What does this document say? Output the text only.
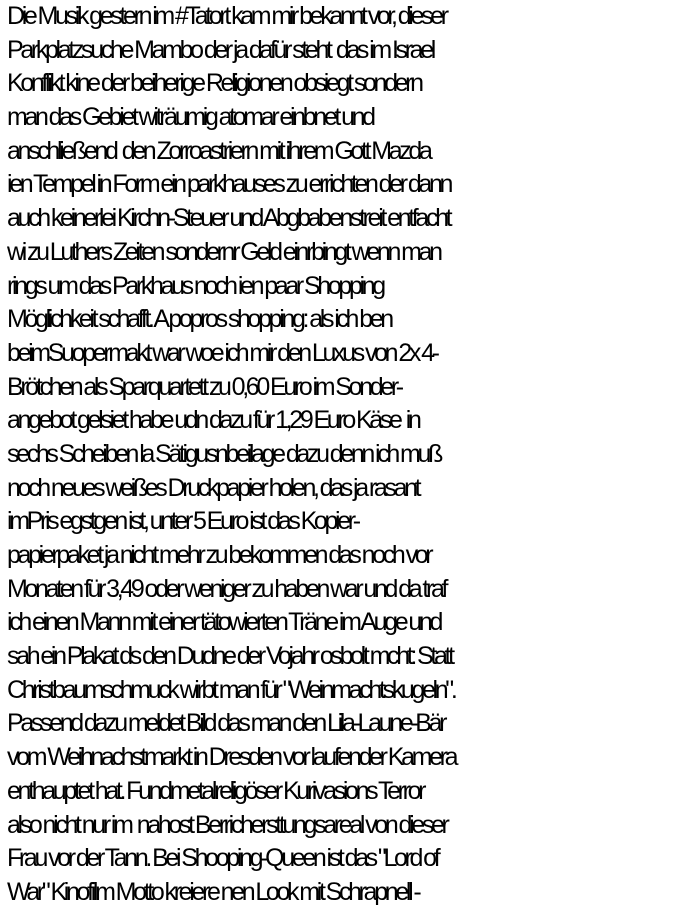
Die Musik gestern im #Tatort kam mir bekannt vor, dieser
Parkplatzsuche Mambo der ja dafür steht  das im Israel
Konflikt kine der beiherige Religionen obsiegt sondern
man das Gebiet witräumig atomar einbnet und
anschließend  den Zorroastriern mit ihrem Gott Mazda
ien Tempel in Form ein parkhauses zu errichten der dann
auch keinerlei Kirchn-Steuer und Abgbabenstreit entfacht
wi zu Luthers Zeiten sondernr Geld einrbingt wenn man
rings um das Parkhaus noch ien paar Shopping
Möglichkeit schafft. A popros shopping: als ich ben
beimSuopermakt war woe ich mir den Luxus von 2x 4-
Brötchen als Sparquartett zu 0,60 Euro im Sonder-
angebot gelsiet habe udn dazu für 1,29 Euro Käse  in
sechs Scheiben la Sätigusnbeilage dazu denn ich muß
noch neues weißes Druckpapier holen, das ja rasant
imPris egstgen ist, unter 5 Euro ist das Kopier-
papierpaket ja nicht mehr zu bekommen das noch vor
Monaten für 3,49 oder weniger zu haben war und da traf
ich einen Mann mit einer tätowierten Träne im Auge und
sah ein Plakat ds den Dudne der Vojahr osbolt mcht: Statt
Christbaumschmuck wirbt man für "Weinmachtskugeln".
Passend dazu meldet Bild das man den Lila-Laune-Bär
vom Weihnachstmarkt in Dresden vor laufender Kamera
enthauptet hat. Fundmetalreligöser Kurivasions Terror
also nicht nur im  nahost Berrichersttungsareal von dieser
Frau vor der Tann. Bei Shooping-Queen ist das "Lord of
War" Kinofilm Motto kreiere nen Look mit Schrapnell -
